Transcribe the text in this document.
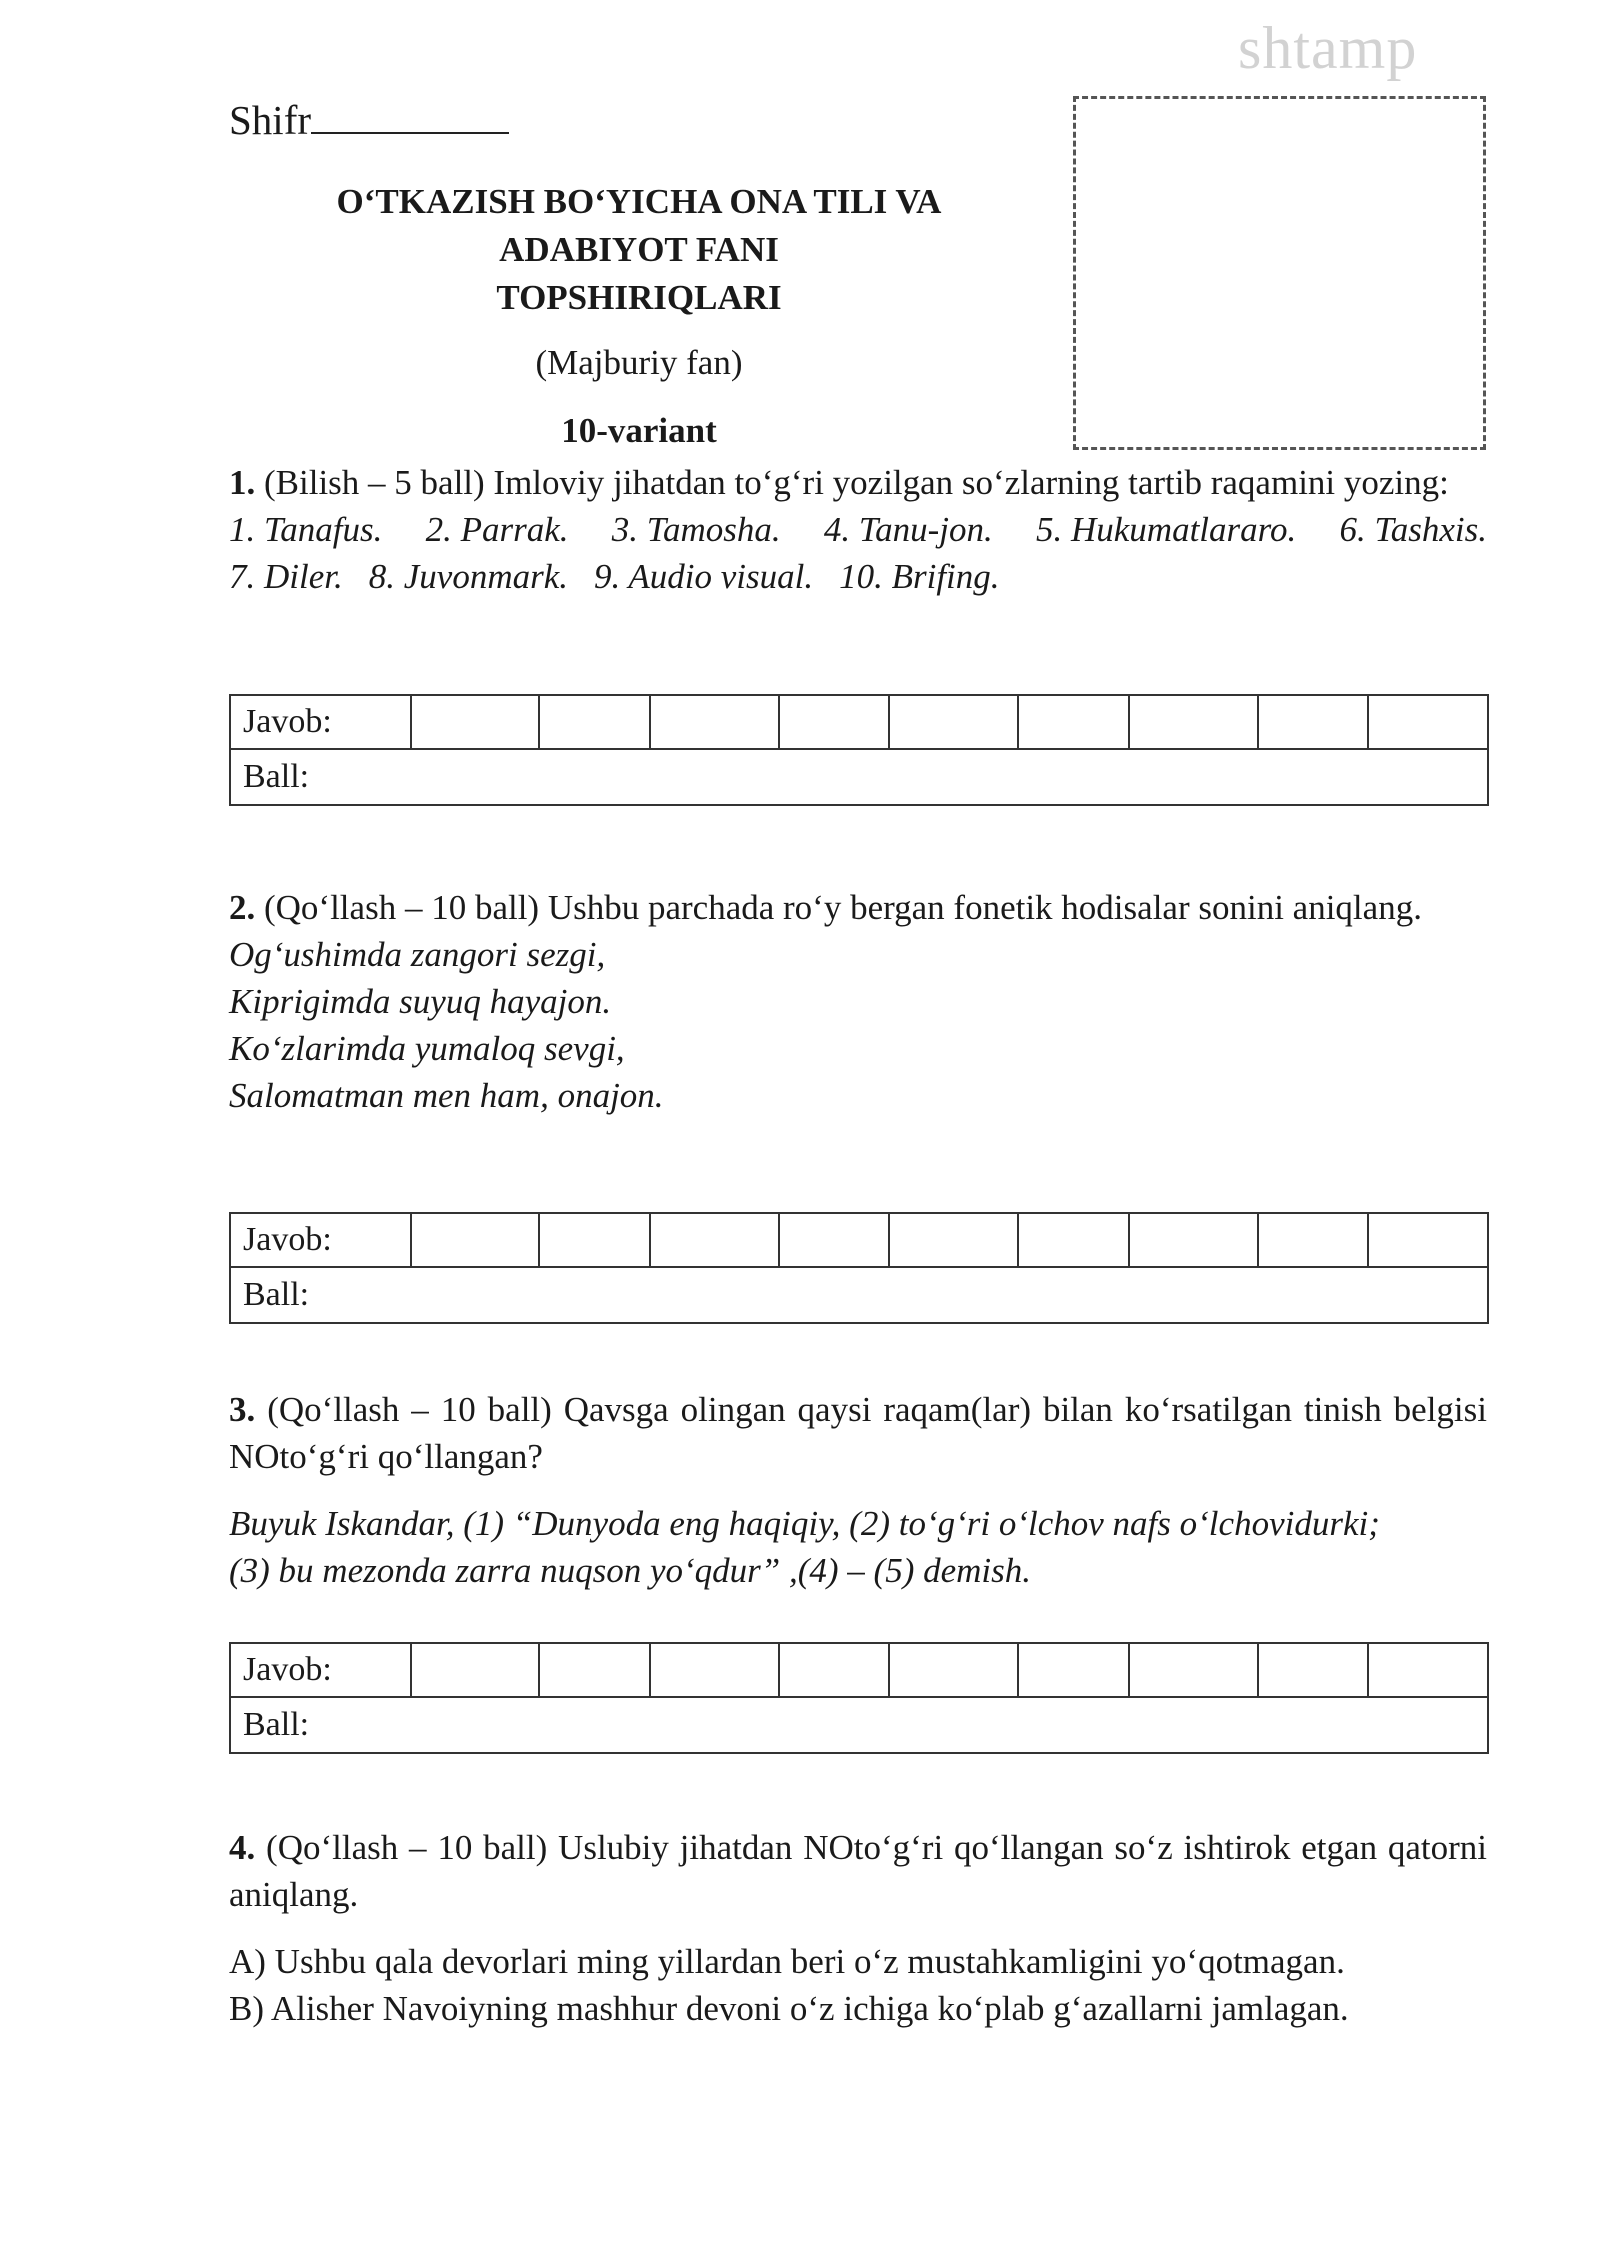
shtamp
Shifr
O‘TKAZISH BO‘YICHA ONA TILI VA
ADABIYOT FANI
TOPSHIRIQLARI
(Majburiy fan)
10-variant
1. (Bilish – 5 ball) Imloviy jihatdan to‘g‘ri yozilgan so‘zlarning tartib raqamini yozing:
1. Tanafus. 2. Parrak. 3. Tamosha. 4. Tanu-jon. 5. Hukumatlararo. 6. Tashxis.
7. Diler. 8. Juvonmark. 9. Audio visual. 10. Brifing.
Javob:									
Ball:
2. (Qo‘llash – 10 ball) Ushbu parchada ro‘y bergan fonetik hodisalar sonini aniqlang.
Og‘ushimda zangori sezgi,
Kiprigimda suyuq hayajon.
Ko‘zlarimda yumaloq sevgi,
Salomatman men ham, onajon.
Javob:									
Ball:
3. (Qo‘llash – 10 ball) Qavsga olingan qaysi raqam(lar) bilan ko‘rsatilgan tinish belgisi NOto‘g‘ri qo‘llangan?
Buyuk Iskandar, (1) “Dunyoda eng haqiqiy, (2) to‘g‘ri o‘lchov nafs o‘lchovidurki;
(3) bu mezonda zarra nuqson yo‘qdur” ,(4) – (5) demish.
Javob:									
Ball:
4. (Qo‘llash – 10 ball) Uslubiy jihatdan NOto‘g‘ri qo‘llangan so‘z ishtirok etgan qatorni aniqlang.
A) Ushbu qala devorlari ming yillardan beri o‘z mustahkamligini yo‘qotmagan.
B) Alisher Navoiyning mashhur devoni o‘z ichiga ko‘plab g‘azallarni jamlagan.
